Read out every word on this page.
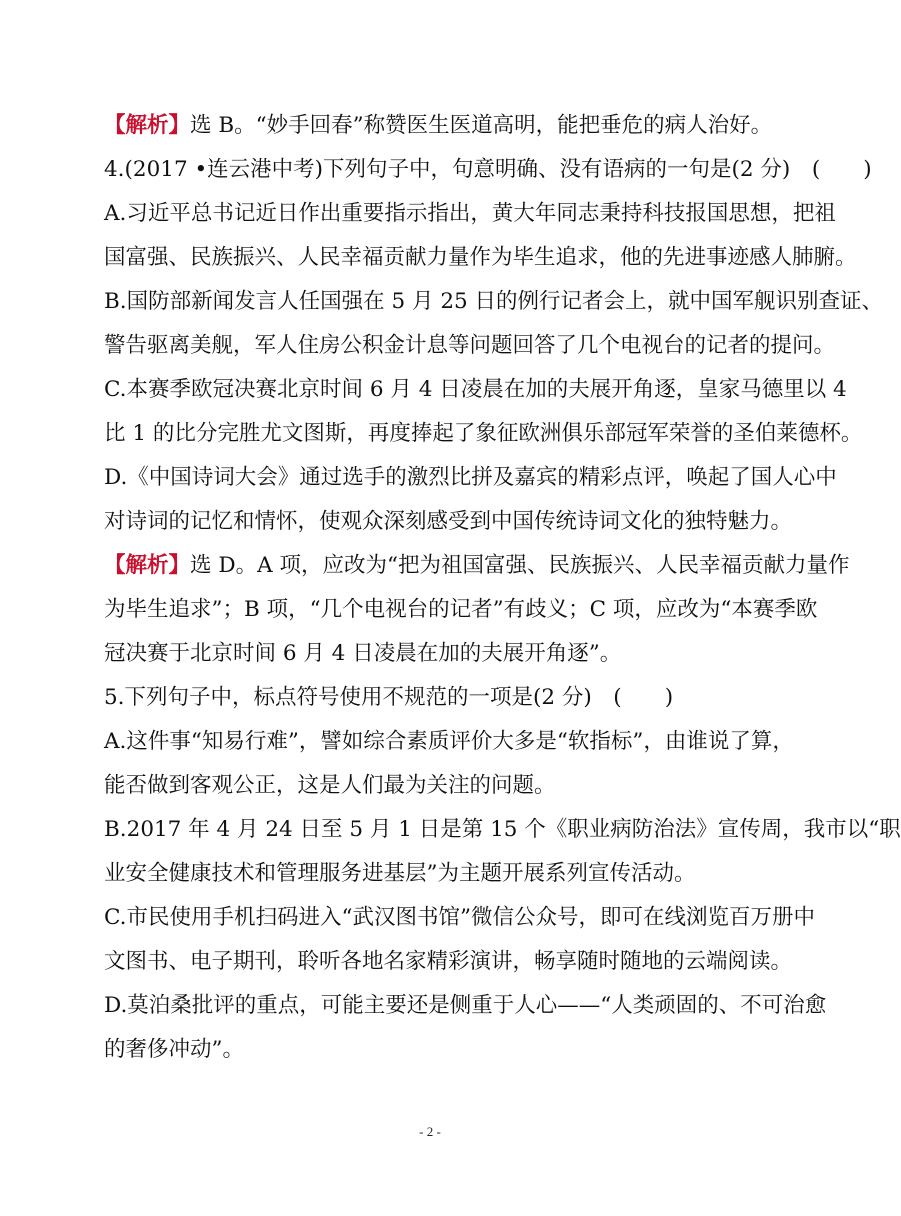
【解析】选 B。“妙手回春”称赞医生医道高明，能把垂危的病人治好。
4.(2017 •连云港中考)下列句子中，句意明确、没有语病的一句是(2 分)　(　　)
A.习近平总书记近日作出重要指示指出，黄大年同志秉持科技报国思想，把祖
国富强、民族振兴、人民幸福贡献力量作为毕生追求，他的先进事迹感人肺腑。
B.国防部新闻发言人任国强在 5 月 25 日的例行记者会上，就中国军舰识别查证、
警告驱离美舰，军人住房公积金计息等问题回答了几个电视台的记者的提问。
C.本赛季欧冠决赛北京时间 6 月 4 日凌晨在加的夫展开角逐，皇家马德里以 4
比 1 的比分完胜尤文图斯，再度捧起了象征欧洲俱乐部冠军荣誉的圣伯莱德杯。
D.《中国诗词大会》通过选手的激烈比拼及嘉宾的精彩点评，唤起了国人心中
对诗词的记忆和情怀，使观众深刻感受到中国传统诗词文化的独特魅力。
【解析】选 D。A 项，应改为“把为祖国富强、民族振兴、人民幸福贡献力量作
为毕生追求”；B 项，“几个电视台的记者”有歧义；C 项，应改为“本赛季欧
冠决赛于北京时间 6 月 4 日凌晨在加的夫展开角逐”。
5.下列句子中，标点符号使用不规范的一项是(2 分)　(　　)
A.这件事“知易行难”，譬如综合素质评价大多是“软指标”，由谁说了算，
能否做到客观公正，这是人们最为关注的问题。
B.2017 年 4 月 24 日至 5 月 1 日是第 15 个《职业病防治法》宣传周，我市以“职
业安全健康技术和管理服务进基层”为主题开展系列宣传活动。
C.市民使用手机扫码进入“武汉图书馆”微信公众号，即可在线浏览百万册中
文图书、电子期刊，聆听各地名家精彩演讲，畅享随时随地的云端阅读。
D.莫泊桑批评的重点，可能主要还是侧重于人心——“人类顽固的、不可治愈
的奢侈冲动”。
- 2 -
